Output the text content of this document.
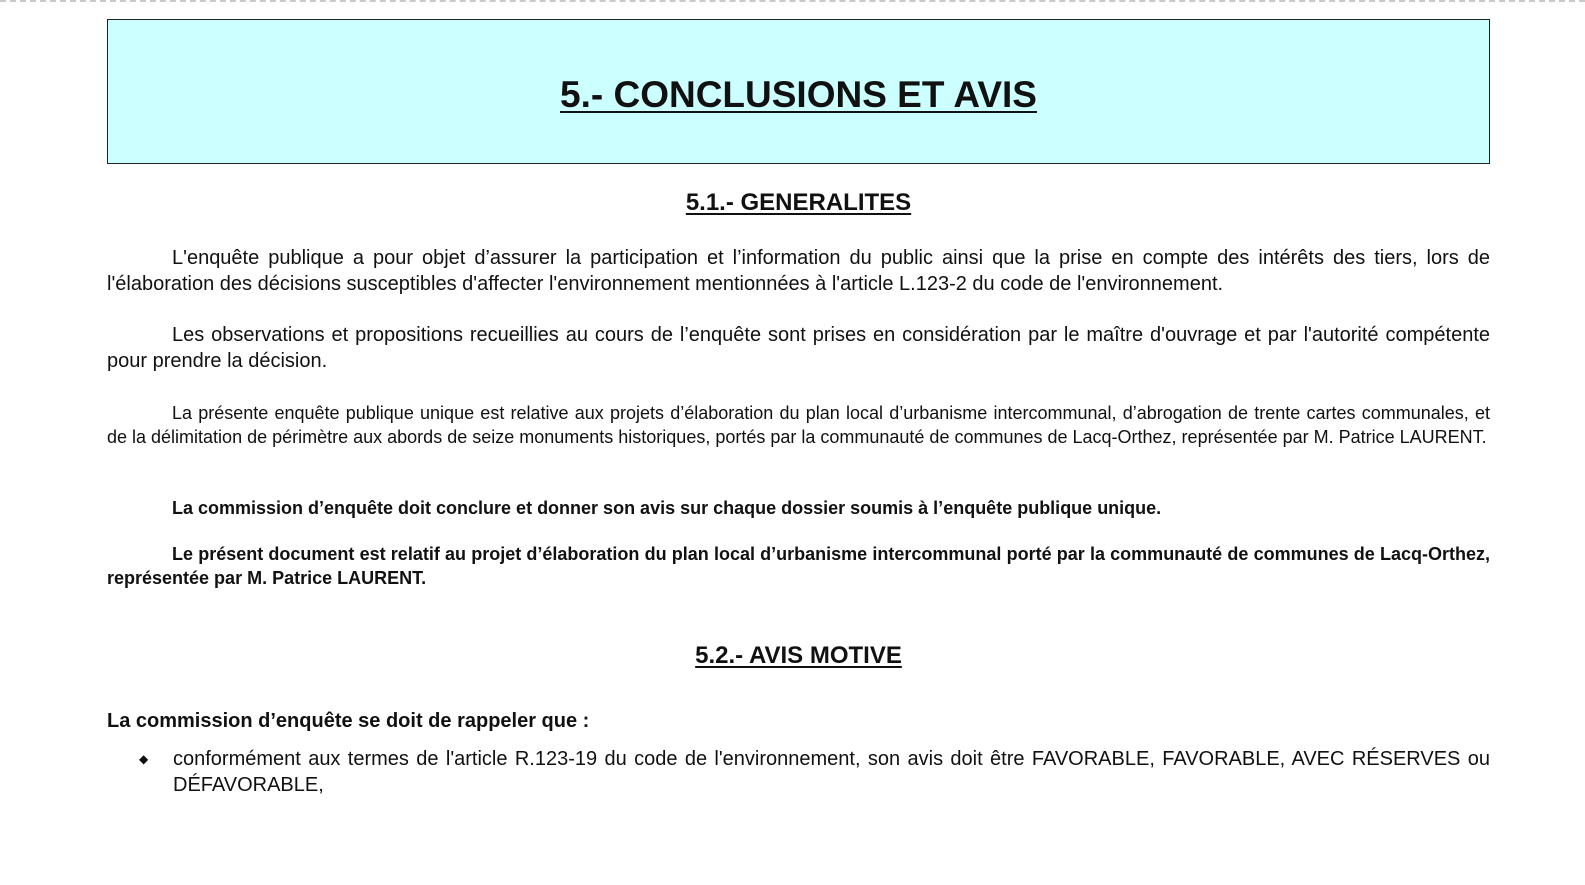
5.- CONCLUSIONS ET AVIS
5.1.- GENERALITES

L'enquête publique a pour objet d’assurer la participation et l’information du public ainsi que la prise en compte des intérêts des tiers, lors de l'élaboration des décisions susceptibles d'affecter l'environnement mentionnées à l'article L.123-2 du code de l'environnement.

Les observations et propositions recueillies au cours de l’enquête sont prises en considération par le maître d'ouvrage et par l'autorité compétente pour prendre la décision.

La présente enquête publique unique est relative aux projets d’élaboration du plan local d’urbanisme intercommunal, d’abrogation de trente cartes communales, et de la délimitation de périmètre aux abords de seize monuments historiques, portés par la communauté de communes de Lacq-Orthez, représentée par M. Patrice LAURENT.

La commission d’enquête doit conclure et donner son avis sur chaque dossier soumis à l’enquête publique unique.

Le présent document est relatif au projet d’élaboration du plan local d’urbanisme intercommunal porté par la communauté de communes de Lacq-Orthez, représentée par M. Patrice LAURENT.

5.2.- AVIS MOTIVE

La commission d’enquête se doit de rappeler que :

◆ conformément aux termes de l'article R.123-19 du code de l'environnement, son avis doit être FAVORABLE, FAVORABLE, AVEC RÉSERVES ou DÉFAVORABLE,
